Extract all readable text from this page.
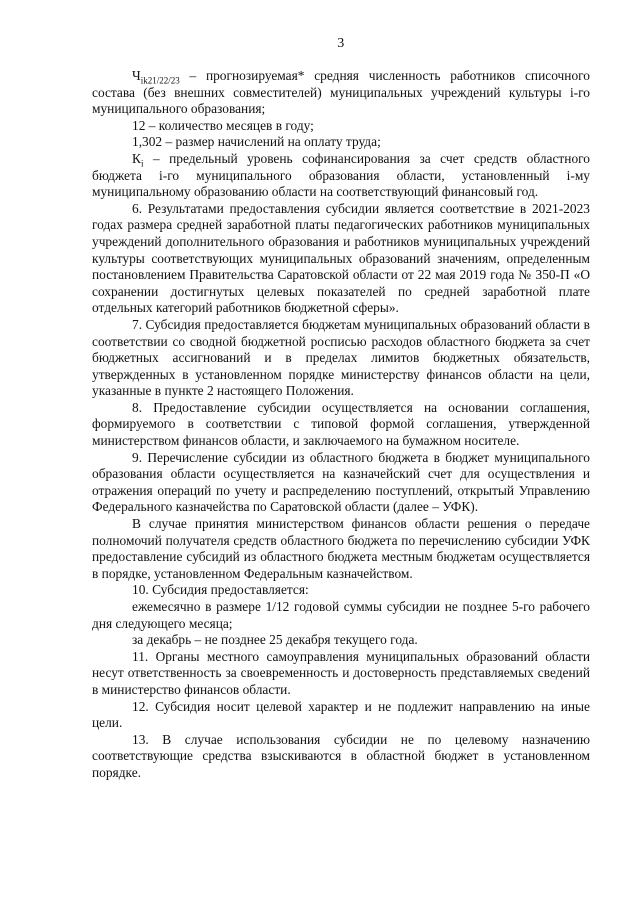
3

$Ч_{ik21/22/23}$ – прогнозируемая* средняя численность работников списочного состава (без внешних совместителей) муниципальных учреждений культуры i-го муниципального образования;

12 – количество месяцев в году;

1,302 – размер начислений на оплату труда;

$К_i$ – предельный уровень софинансирования за счет средств областного бюджета i-го муниципального образования области, установленный i-му муниципальному образованию области на соответствующий финансовый год.

6. Результатами предоставления субсидии является соответствие в 2021-2023 годах размера средней заработной платы педагогических работников муниципальных учреждений дополнительного образования и работников муниципальных учреждений культуры соответствующих муниципальных образований значениям, определенным постановлением Правительства Саратовской области от 22 мая 2019 года № 350-П «О сохранении достигнутых целевых показателей по средней заработной плате отдельных категорий работников бюджетной сферы».

7. Субсидия предоставляется бюджетам муниципальных образований области в соответствии со сводной бюджетной росписью расходов областного бюджета за счет бюджетных ассигнований и в пределах лимитов бюджетных обязательств, утвержденных в установленном порядке министерству финансов области на цели, указанные в пункте 2 настоящего Положения.

8. Предоставление субсидии осуществляется на основании соглашения, формируемого в соответствии с типовой формой соглашения, утвержденной министерством финансов области, и заключаемого на бумажном носителе.

9. Перечисление субсидии из областного бюджета в бюджет муниципального образования области осуществляется на казначейский счет для осуществления и отражения операций по учету и распределению поступлений, открытый Управлению Федерального казначейства по Саратовской области (далее – УФК).

В случае принятия министерством финансов области решения о передаче полномочий получателя средств областного бюджета по перечислению субсидии УФК предоставление субсидий из областного бюджета местным бюджетам осуществляется в порядке, установленном Федеральным казначейством.

10. Субсидия предоставляется:

ежемесячно в размере 1/12 годовой суммы субсидии не позднее 5-го рабочего дня следующего месяца;

за декабрь – не позднее 25 декабря текущего года.

11. Органы местного самоуправления муниципальных образований области несут ответственность за своевременность и достоверность представляемых сведений в министерство финансов области.

12. Субсидия носит целевой характер и не подлежит направлению на иные цели.

13. В случае использования субсидии не по целевому назначению соответствующие средства взыскиваются в областной бюджет в установленном порядке.
